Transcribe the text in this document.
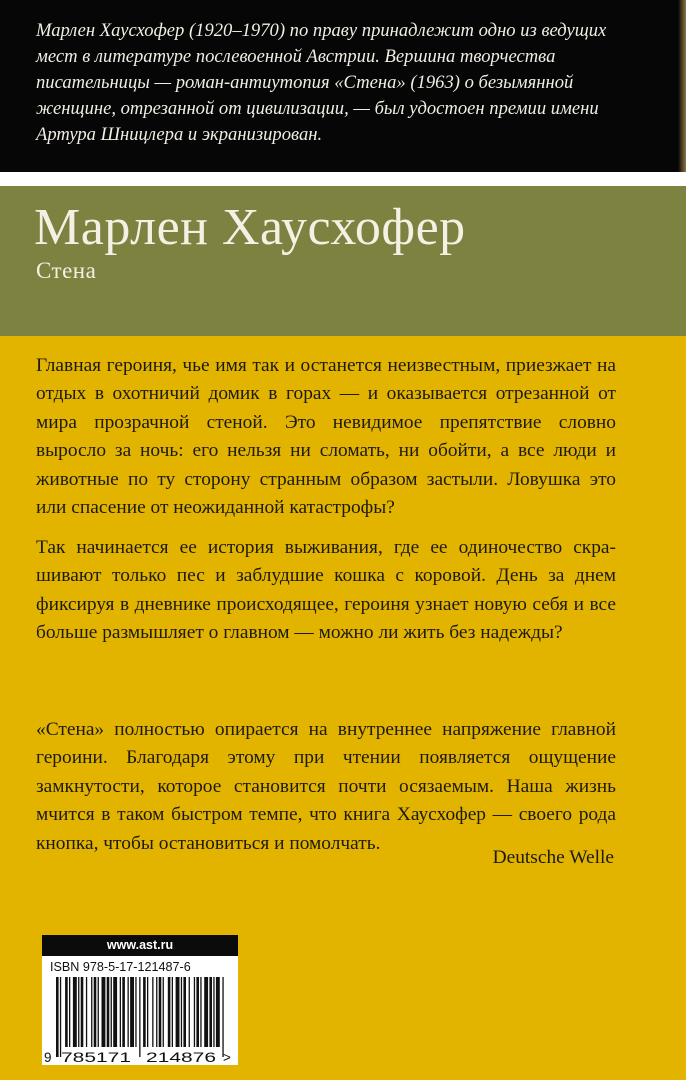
Марлен Хаусхофер (1920–1970) по праву принадлежит одно из ведущих мест в литературе послевоенной Австрии. Вершина творчества писательницы — роман-антиутопия «Стена» (1963) о безымянной женщине, отрезанной от цивилизации, — был удостоен премии имени Артура Шницлера и экранизирован.

Марлен Хаусхофер
Стена

Главная героиня, чье имя так и останется неизвестным, приезжает на отдых в охотничий домик в горах — и оказывается отрезанной от мира прозрачной стеной. Это невидимое препятствие словно выросло за ночь: его нельзя ни сломать, ни обойти, а все люди и животные по ту сторону странным образом застыли. Ловушка это или спасение от неожиданной катастрофы?

Так начинается ее история выживания, где ее одиночество скрашивают только пес и заблудшие кошка с коровой. День за днем фиксируя в дневнике происходящее, героиня узнает новую себя и все больше размышляет о главном — можно ли жить без надежды?

«Стена» полностью опирается на внутреннее напряжение главной героини. Благодаря этому при чтении появляется ощущение замкнутости, которое становится почти осязаемым. Наша жизнь мчится в таком быстром темпе, что книга Хаусхофер — своего рода кнопка, чтобы остановиться и помолчать.

Deutsche Welle

www.ast.ru

ISBN 978-5-17-121487-6

9 785171 214876 >
